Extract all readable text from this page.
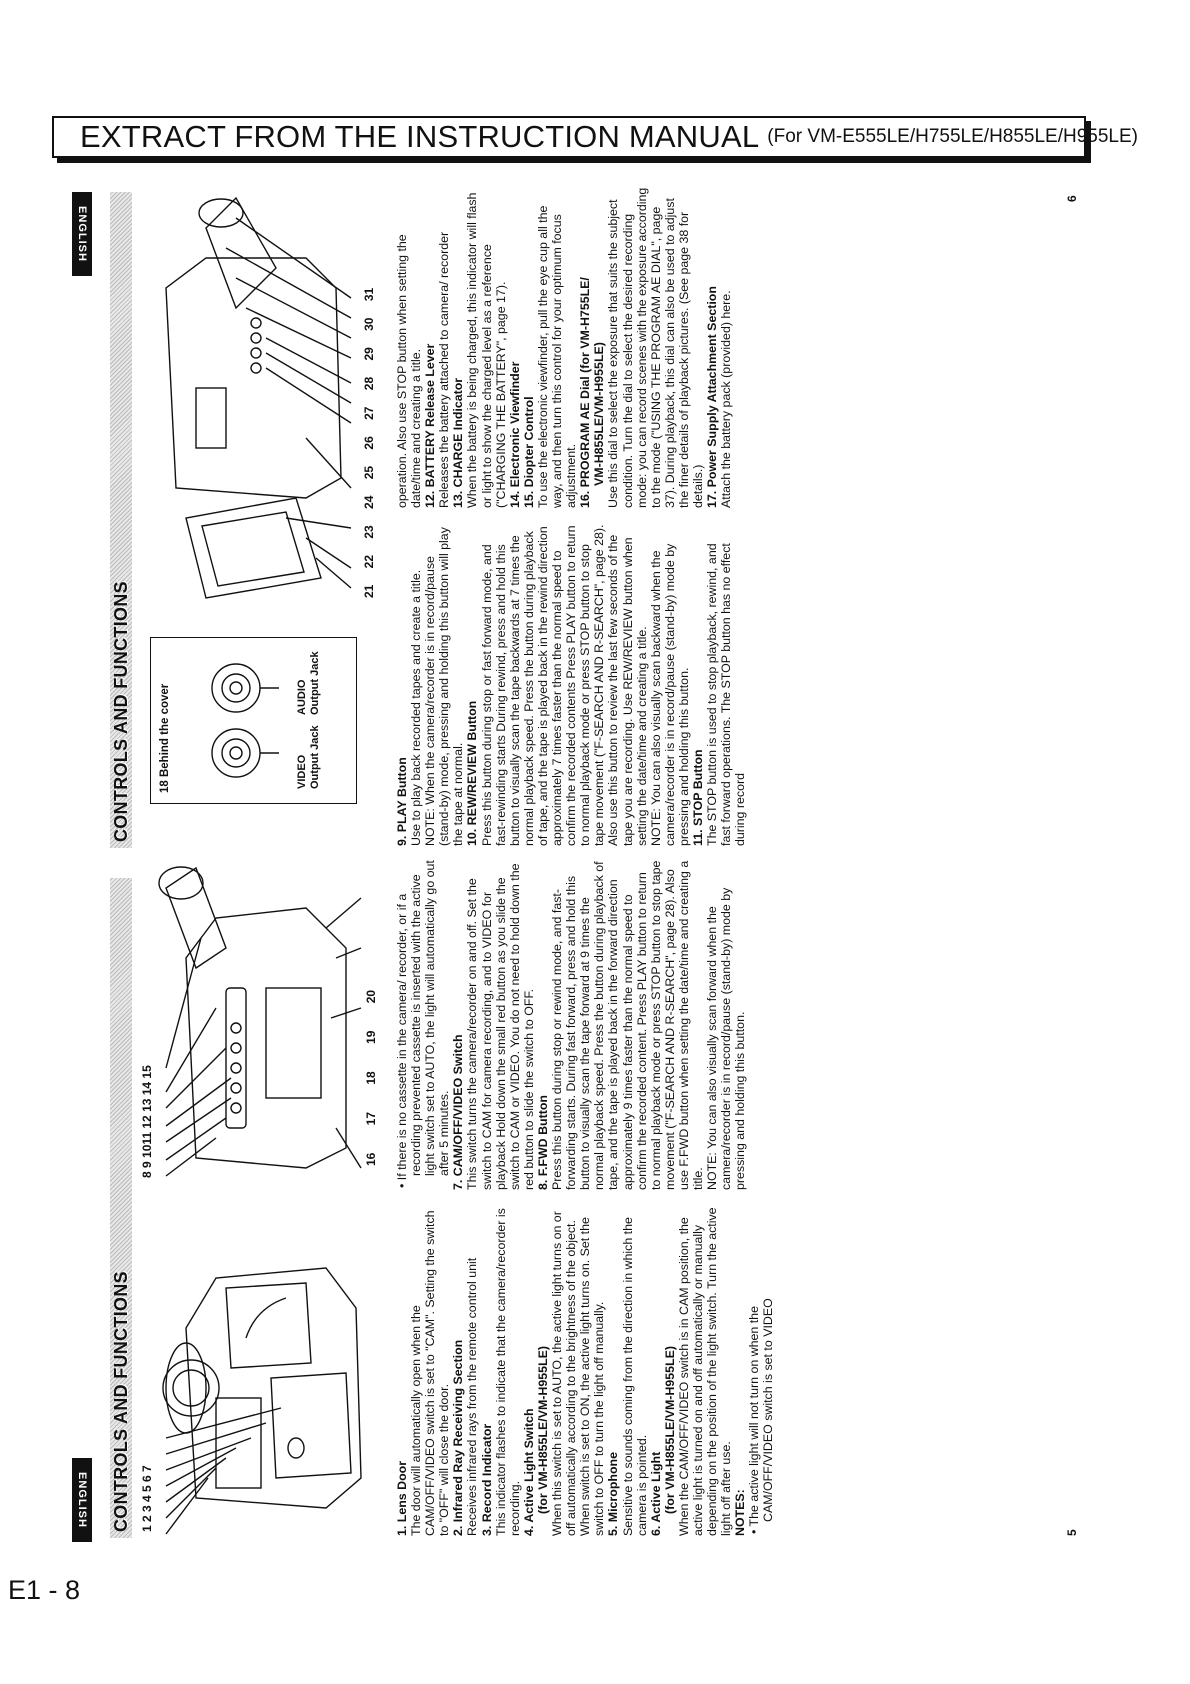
EXTRACT FROM THE INSTRUCTION MANUAL (For VM-E555LE/H755LE/H855LE/H955LE)
E1 - 8
ENGLISH
ENGLISH
5
6
CONTROLS AND FUNCTIONS
CONTROLS AND FUNCTIONS
1 2 3 4 5 6 7
8 9 1011 12 13 14 15	16 17 18 19 20
18 Behind the cover	VIDEO Output Jack
AUDIO Output Jack
21 22 23 24 25 26 27 28 29 30 31

1. Lens Door The door will automatically open when the CAM/OFF/VIDEO switch is set to "CAM". Setting the switch to "OFF" will close the door. 2. Infrared Ray Receiving Section Receives infrared rays from the remote control unit 3. Record Indicator This indicator flashes to indicate that the camera/recorder is recording. 4. Active Light Switch (for VM-H855LE/VM-H955LE) When this switch is set to AUTO, the active light turns on or off automatically according to the brightness of the object. When switch is set to ON, the active light turns on. Set the switch to OFF to turn the light off manually. 5. Microphone Sensitive to sounds coming from the direction in which the camera is pointed. 6. Active Light (for VM-H855LE/VM-H955LE) When the CAM/OFF/VIDEO switch is in CAM position, the active light is turned on and off automatically or manually depending on the position of the light switch. Turn the active light off after use. NOTES: • The active light will not turn on when the CAM/OFF/VIDEO switch is set to VIDEO

• If there is no cassette in the camera/ recorder, or if a recording prevented cassette is inserted with the active light switch set to AUTO, the light will automatically go out after 5 minutes. 7. CAM/OFF/VIDEO Switch This switch turns the camera/recorder on and off. Set the switch to CAM for camera recording, and to VIDEO for playback Hold down the small red button as you slide the switch to CAM or VIDEO. You do not need to hold down the red button to slide the switch to OFF. 8. F.FWD Button Press this button during stop or rewind mode, and fast-forwarding starts. During fast forward, press and hold this button to visually scan the tape forward at 9 times the normal playback speed. Press the button during playback of tape, and the tape is played back in the forward direction approximately 9 times faster than the normal speed to confirm the recorded content. Press PLAY button to return to normal playback mode or press STOP button to stop tape movement ("F-SEARCH AND R-SEARCH", page 28). Also use F.FWD button when setting the date/time and creating a title. NOTE: You can also visually scan forward when the camera/recorder is in record/pause (stand-by) mode by pressing and holding this button.

9. PLAY Button Use to play back recorded tapes and create a title. NOTE: When the camera/recorder is in record/pause (stand-by) mode, pressing and holding this button will play the tape at normal. 10. REW/REVIEW Button Press this button during stop or fast forward mode, and fast-rewinding starts During rewind, press and hold this button to visually scan the tape backwards at 7 times the normal playback speed. Press the button during playback of tape, and the tape is played back in the rewind direction approximately 7 times faster than the normal speed to confirm the recorded contents Press PLAY button to return to normal playback mode or press STOP button to stop tape movement ("F-SEARCH AND R-SEARCH", page 28). Also use this button to review the last few seconds of the tape you are recording. Use REW/REVIEW button when setting the date/time and creating a title. NOTE: You can also visually scan backward when the camera/recorder is in record/pause (stand-by) mode by pressing and holding this button. 11. STOP Button The STOP button is used to stop playback, rewind, and fast forward operations. The STOP button has no effect during record

operation. Also use STOP button when setting the date/time and creating a title. 12. BATTERY Release Lever Releases the battery attached to camera/ recorder 13. CHARGE Indicator When the battery is being charged, this indicator will flash or light to show the charged level as a reference ("CHARGING THE BATTERY", page 17). 14. Electronic Viewfinder 15. Diopter Control To use the electronic viewfinder, pull the eye cup all the way, and then turn this control for your optimum focus adjustment. 16. PROGRAM AE Dial (for VM-H755LE/ VM-H855LE/VM-H955LE) Use this dial to select the exposure that suits the subject condition. Turn the dial to select the desired recording mode: you can record scenes with the exposure according to the mode ("USING THE PROGRAM AE DIAL", page 37). During playback, this dial can also be used to adjust the finer details of playback pictures. (See page 38 for details.) 17. Power Supply Attachment Section Attach the battery pack (provided) here.
